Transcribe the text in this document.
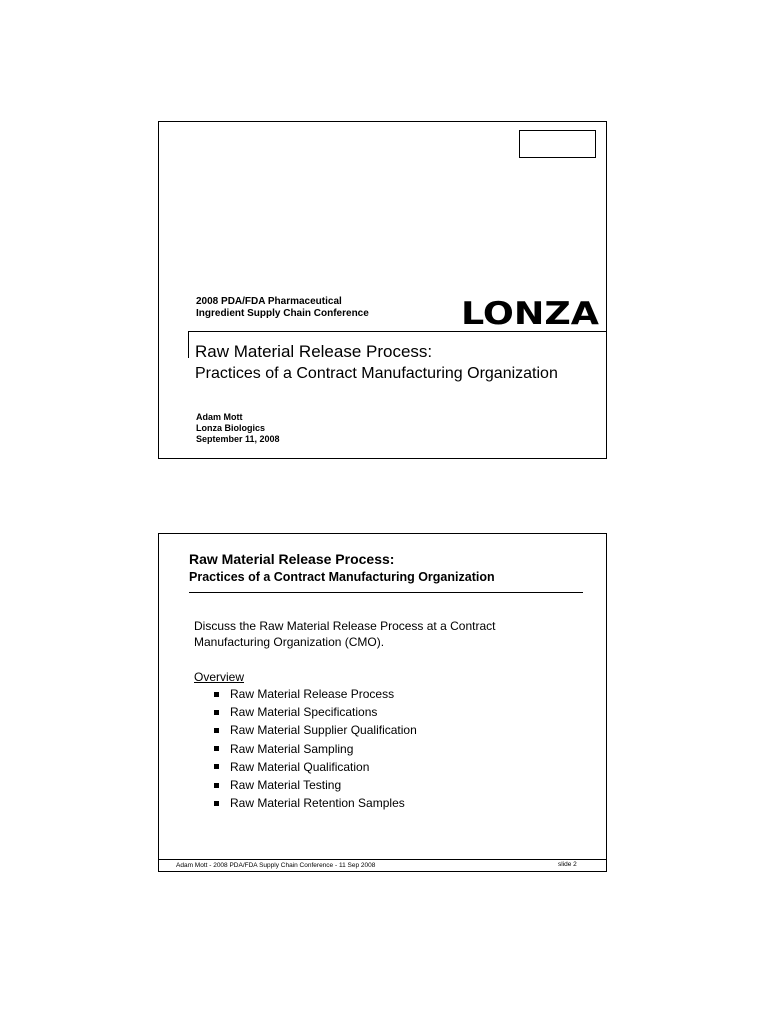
2008 PDA/FDA Pharmaceutical
Ingredient Supply Chain Conference	LONZA
Raw Material Release Process:
Practices of a Contract Manufacturing Organization
Adam Mott
Lonza Biologics
September 11, 2008
Raw Material Release Process:
Practices of a Contract Manufacturing Organization
Discuss the Raw Material Release Process at a Contract Manufacturing Organization (CMO).
Overview
Raw Material Release Process
Raw Material Specifications
Raw Material Supplier Qualification
Raw Material Sampling
Raw Material Qualification
Raw Material Testing
Raw Material Retention Samples
Adam Mott - 2008 PDA/FDA Supply Chain Conference - 11 Sep 2008	slide 2
